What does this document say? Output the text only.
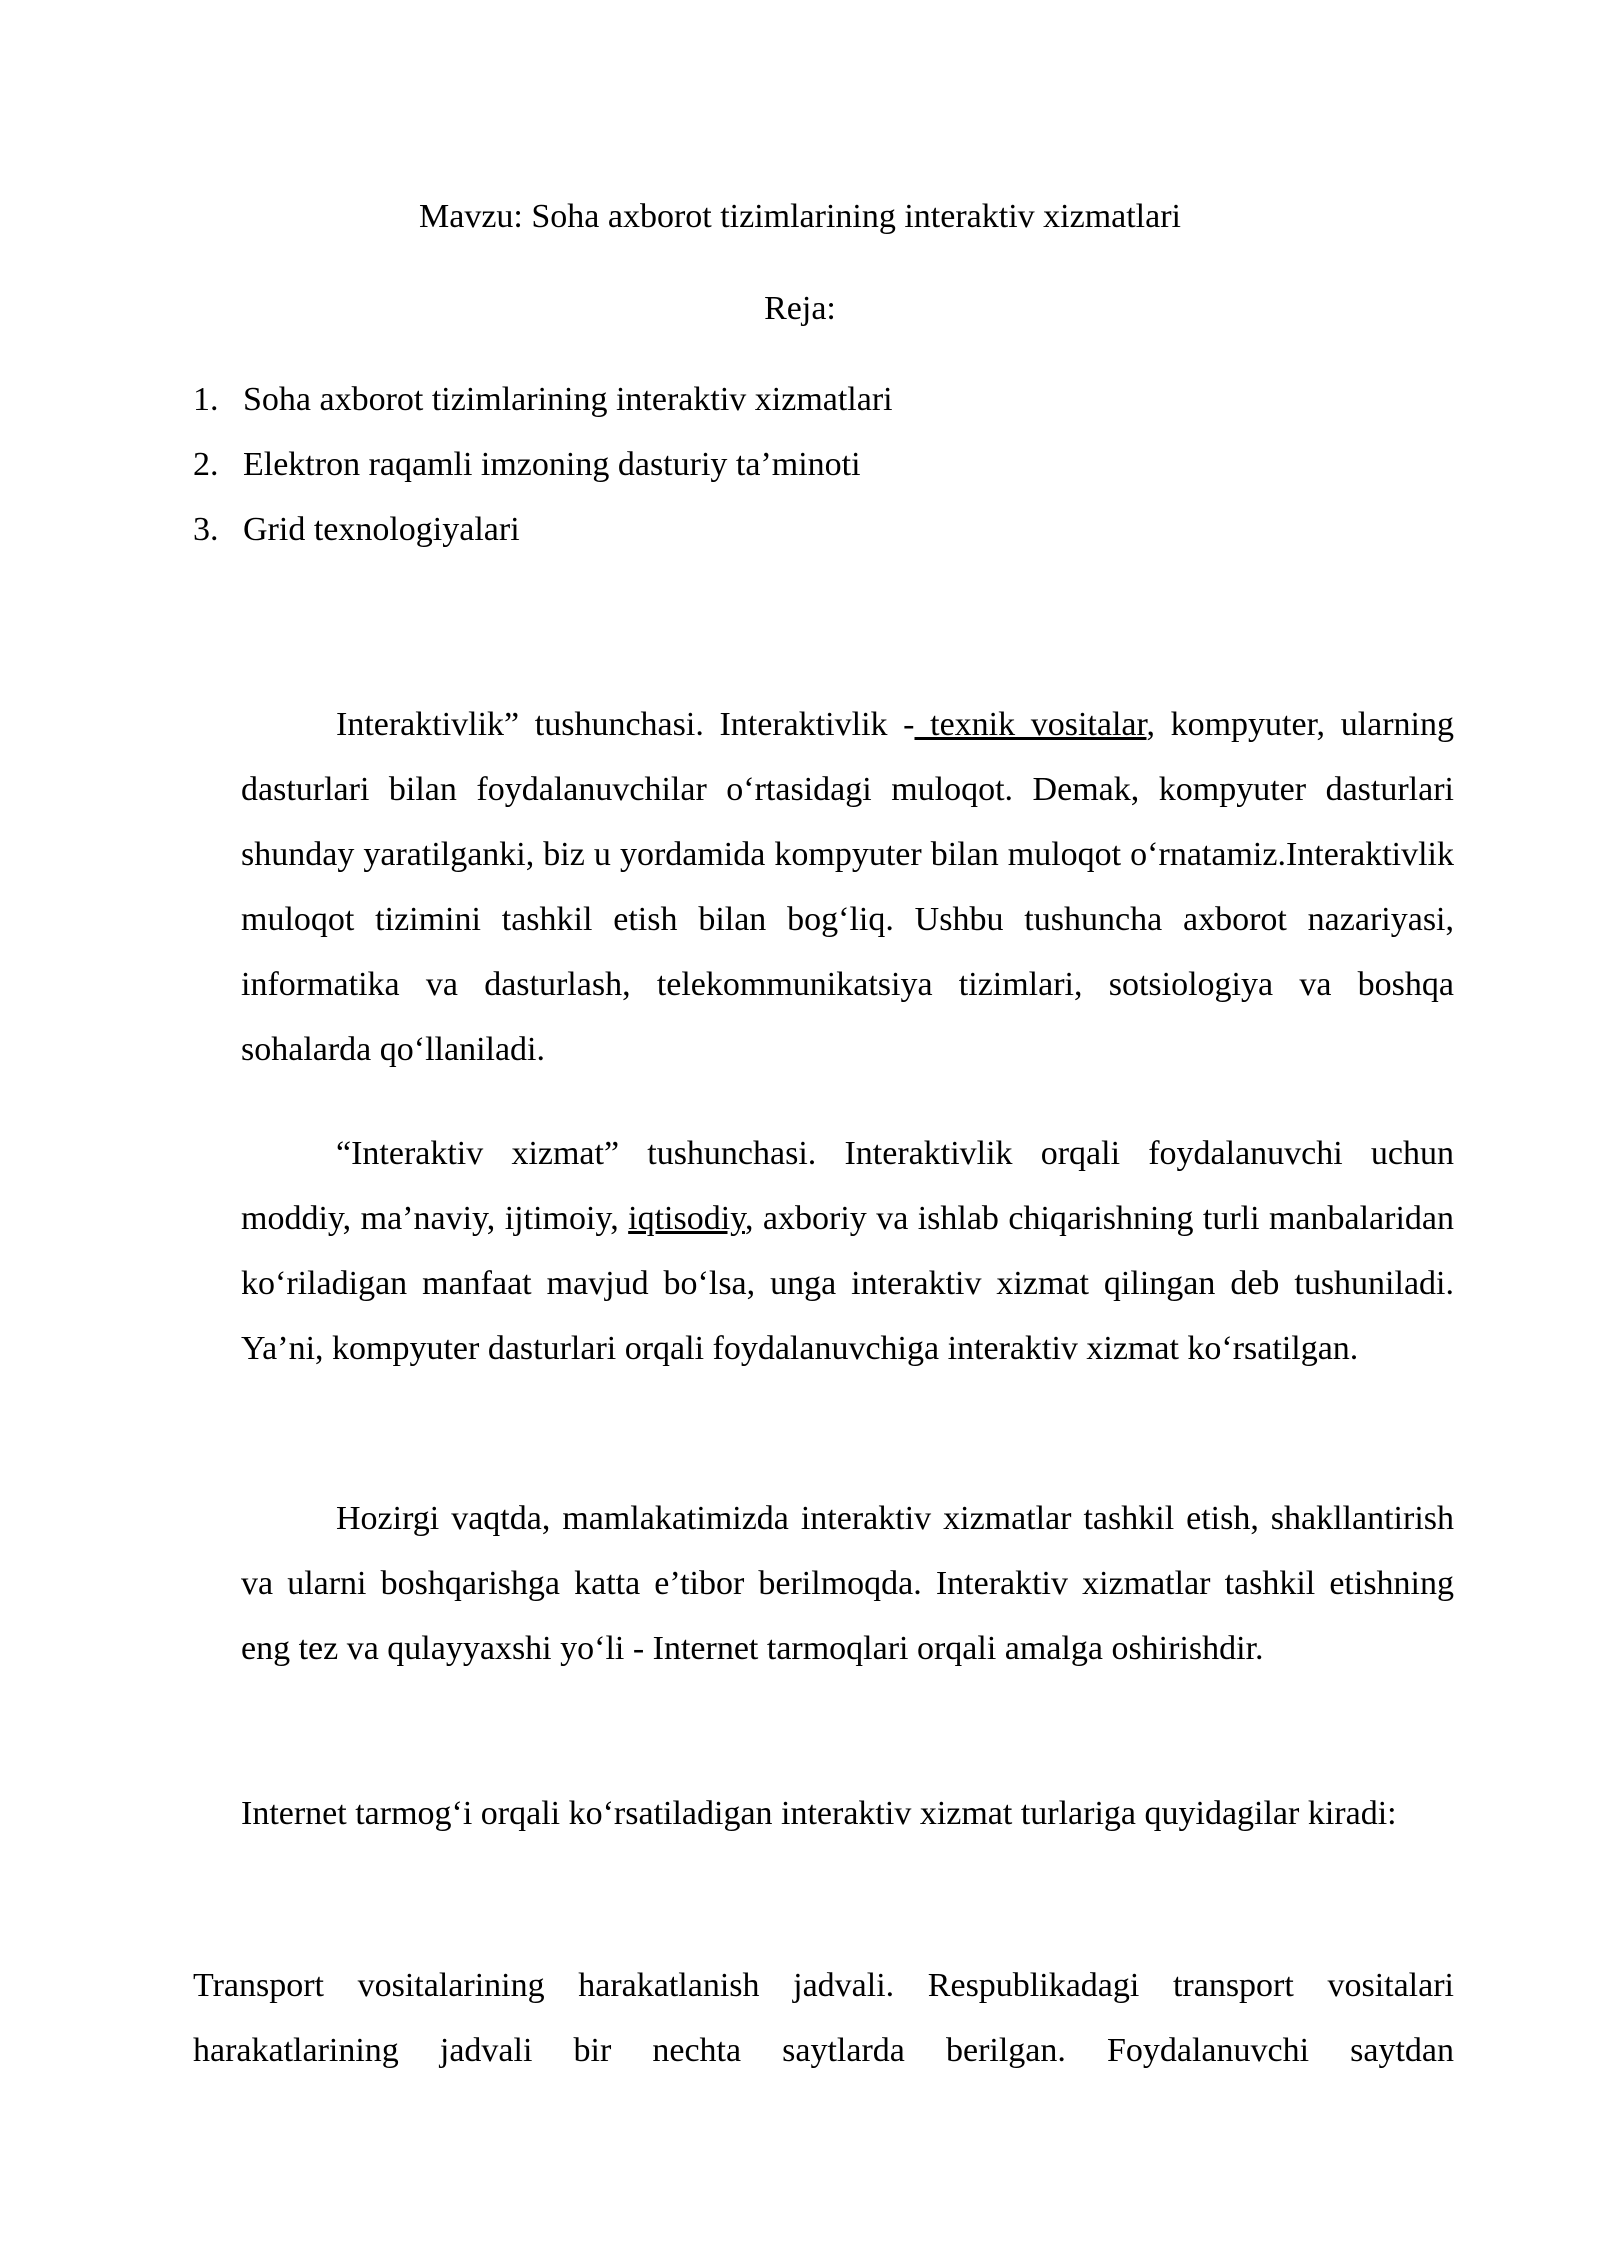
Mavzu: Soha axborot tizimlarining interaktiv xizmatlari
Reja:
1. Soha axborot tizimlarining interaktiv xizmatlari
2. Elektron raqamli imzoning dasturiy ta’minoti
3. Grid texnologiyalari

Interaktivlik” tushunchasi. Interaktivlik - texnik vositalar, kompyuter, ularning dasturlari bilan foydalanuvchilar o‘rtasidagi muloqot. Demak, kompyuter dasturlari shunday yaratilganki, biz u yordamida kompyuter bilan muloqot o‘rnatamiz.Interaktivlik muloqot tizimini tashkil etish bilan bog‘liq. Ushbu tushuncha axborot nazariyasi, informatika va dasturlash, telekommunikatsiya tizimlari, sotsiologiya va boshqa sohalarda qo‘llaniladi.

“Interaktiv xizmat” tushunchasi. Interaktivlik orqali foydalanuvchi uchun moddiy, ma’naviy, ijtimoiy, iqtisodiy, axboriy va ishlab chiqarishning turli manbalaridan ko‘riladigan manfaat mavjud bo‘lsa, unga interaktiv xizmat qilingan deb tushuniladi. Ya’ni, kompyuter dasturlari orqali foydalanuvchiga interaktiv xizmat ko‘rsatilgan.

Hozirgi vaqtda, mamlakatimizda interaktiv xizmatlar tashkil etish, shakllantirish va ularni boshqarishga katta e’tibor berilmoqda. Interaktiv xizmatlar tashkil etishning eng tez va qulayyaxshi yo‘li - Internet tarmoqlari orqali amalga oshirishdir.

Internet tarmog‘i orqali ko‘rsatiladigan interaktiv xizmat turlariga quyidagilar kiradi:

Transport vositalarining harakatlanish jadvali. Respublikadagi transport vositalari harakatlarining jadvali bir nechta saytlarda berilgan. Foydalanuvchi saytdan
